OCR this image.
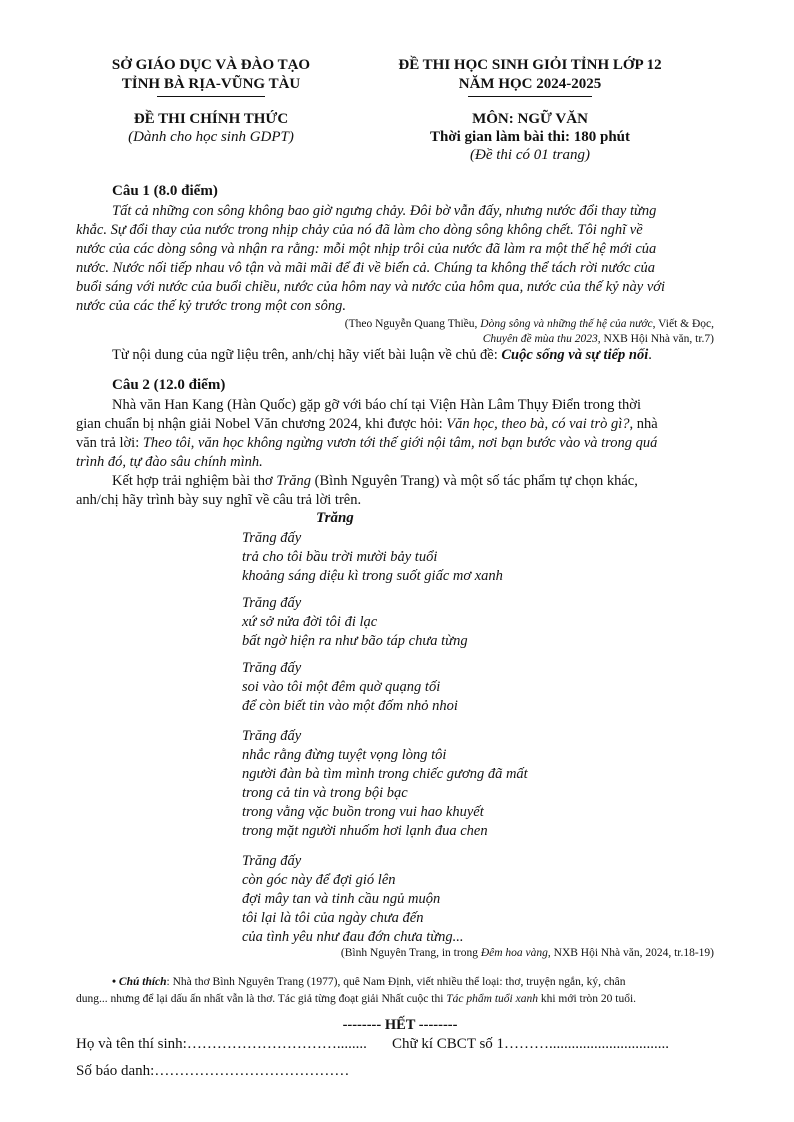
SỞ GIÁO DỤC VÀ ĐÀO TẠO
TỈNH BÀ RỊA-VŨNG TÀU
ĐỀ THI CHÍNH THỨC
(Dành cho học sinh GDPT)
ĐỀ THI HỌC SINH GIỎI TỈNH LỚP 12
NĂM HỌC 2024-2025
MÔN: NGỮ VĂN
Thời gian làm bài thi: 180 phút
(Đề thi có 01 trang)
Câu 1 (8.0 điểm)
Tất cả những con sông không bao giờ ngưng chảy. Đôi bờ vẫn đấy, nhưng nước đổi thay từng
khắc. Sự đổi thay của nước trong nhịp chảy của nó đã làm cho dòng sông không chết. Tôi nghĩ về
nước của các dòng sông và nhận ra rằng: mỗi một nhịp trôi của nước đã làm ra một thế hệ mới của
nước. Nước nối tiếp nhau vô tận và mãi mãi để đi về biển cả. Chúng ta không thể tách rời nước của
buổi sáng với nước của buổi chiều, nước của hôm nay và nước của hôm qua, nước của thế kỷ này với
nước của các thế kỷ trước trong một con sông.
(Theo Nguyễn Quang Thiều, Dòng sông và những thế hệ của nước, Viết & Đọc,
Chuyên đề mùa thu 2023, NXB Hội Nhà văn, tr.7)
Từ nội dung của ngữ liệu trên, anh/chị hãy viết bài luận về chủ đề: Cuộc sống và sự tiếp nối.
Câu 2 (12.0 điểm)
Nhà văn Han Kang (Hàn Quốc) gặp gỡ với báo chí tại Viện Hàn Lâm Thụy Điển trong thời
gian chuẩn bị nhận giải Nobel Văn chương 2024, khi được hỏi: Văn học, theo bà, có vai trò gì?, nhà
văn trả lời: Theo tôi, văn học không ngừng vươn tới thế giới nội tâm, nơi bạn bước vào và trong quá
trình đó, tự đào sâu chính mình.
Kết hợp trải nghiệm bài thơ Trăng (Bình Nguyên Trang) và một số tác phẩm tự chọn khác,
anh/chị hãy trình bày suy nghĩ về câu trả lời trên.
Trăng
Trăng đấy
trả cho tôi bầu trời mười bảy tuổi
khoảng sáng diệu kì trong suốt giấc mơ xanh
Trăng đấy
xứ sở nửa đời tôi đi lạc
bất ngờ hiện ra như bão táp chưa từng
Trăng đấy
soi vào tôi một đêm quờ quạng tối
để còn biết tin vào một đốm nhỏ nhoi
Trăng đấy
nhắc rằng đừng tuyệt vọng lòng tôi
người đàn bà tìm mình trong chiếc gương đã mất
trong cả tin và trong bội bạc
trong vằng vặc buồn trong vui hao khuyết
trong mặt người nhuốm hơi lạnh đua chen
Trăng đấy
còn góc này để đợi gió lên
đợi mây tan và tinh cầu ngủ muộn
tôi lại là tôi của ngày chưa đến
của tình yêu như đau đớn chưa từng...
(Bình Nguyên Trang, in trong Đêm hoa vàng, NXB Hội Nhà văn, 2024, tr.18-19)
• Chú thích: Nhà thơ Bình Nguyên Trang (1977), quê Nam Định, viết nhiều thể loại: thơ, truyện ngắn, ký, chân
dung... nhưng để lại dấu ấn nhất vẫn là thơ. Tác giả từng đoạt giải Nhất cuộc thi Tác phẩm tuổi xanh khi mới tròn 20 tuổi.
-------- HẾT --------
Họ và tên thí sinh:…………………………........ Chữ kí CBCT số 1………................................
Số báo danh:…………………………………
